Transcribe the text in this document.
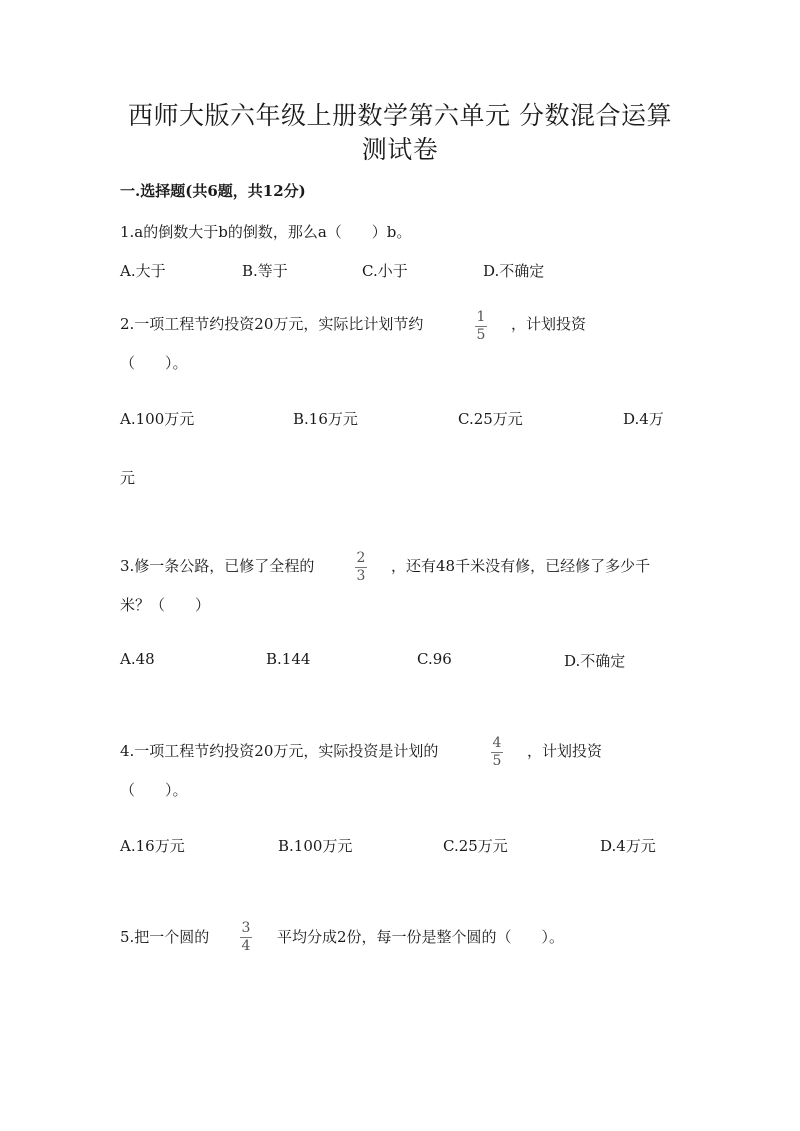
西师大版六年级上册数学第六单元 分数混合运算
测试卷
一.选择题(共6题，共12分)
1.a的倒数大于b的倒数，那么a（　　）b。
A.大于	B.等于	C.小于	D.不确定
2.一项工程节约投资20万元，实际比计划节约	1
5
，计划投资
（　　）。
A.100万元	B.16万元	C.25万元	D.4万
元
3.修一条公路，已修了全程的	2
3
，还有48千米没有修，已经修了多少千
米？（　　）
A.48	B.144	C.96	D.不确定
4.一项工程节约投资20万元，实际投资是计划的	4
5
，计划投资
（　　）。
A.16万元	B.100万元	C.25万元	D.4万元
5.把一个圆的 3
4 平均分成2份，每一份是整个圆的（　　）。
